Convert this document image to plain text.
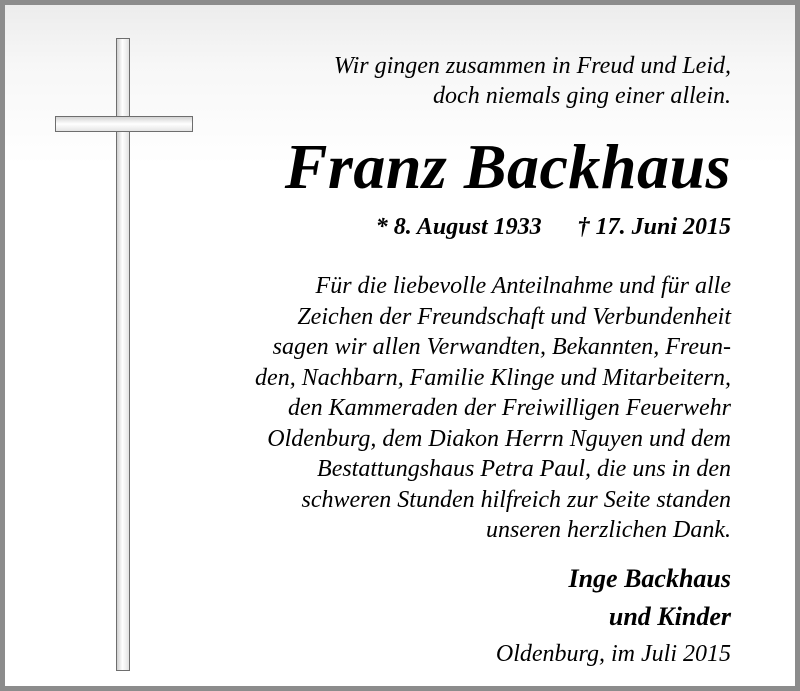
Wir gingen zusammen in Freud und Leid,
doch niemals ging einer allein.
Franz Backhaus
* 8. August 1933 † 17. Juni 2015
Für die liebevolle Anteilnahme und für alle
Zeichen der Freundschaft und Verbundenheit
sagen wir allen Verwandten, Bekannten, Freun-
den, Nachbarn, Familie Klinge und Mitarbeitern,
den Kammeraden der Freiwilligen Feuerwehr
Oldenburg, dem Diakon Herrn Nguyen und dem
Bestattungshaus Petra Paul, die uns in den
schweren Stunden hilfreich zur Seite standen
unseren herzlichen Dank.
Inge Backhaus
und Kinder
Oldenburg, im Juli 2015
